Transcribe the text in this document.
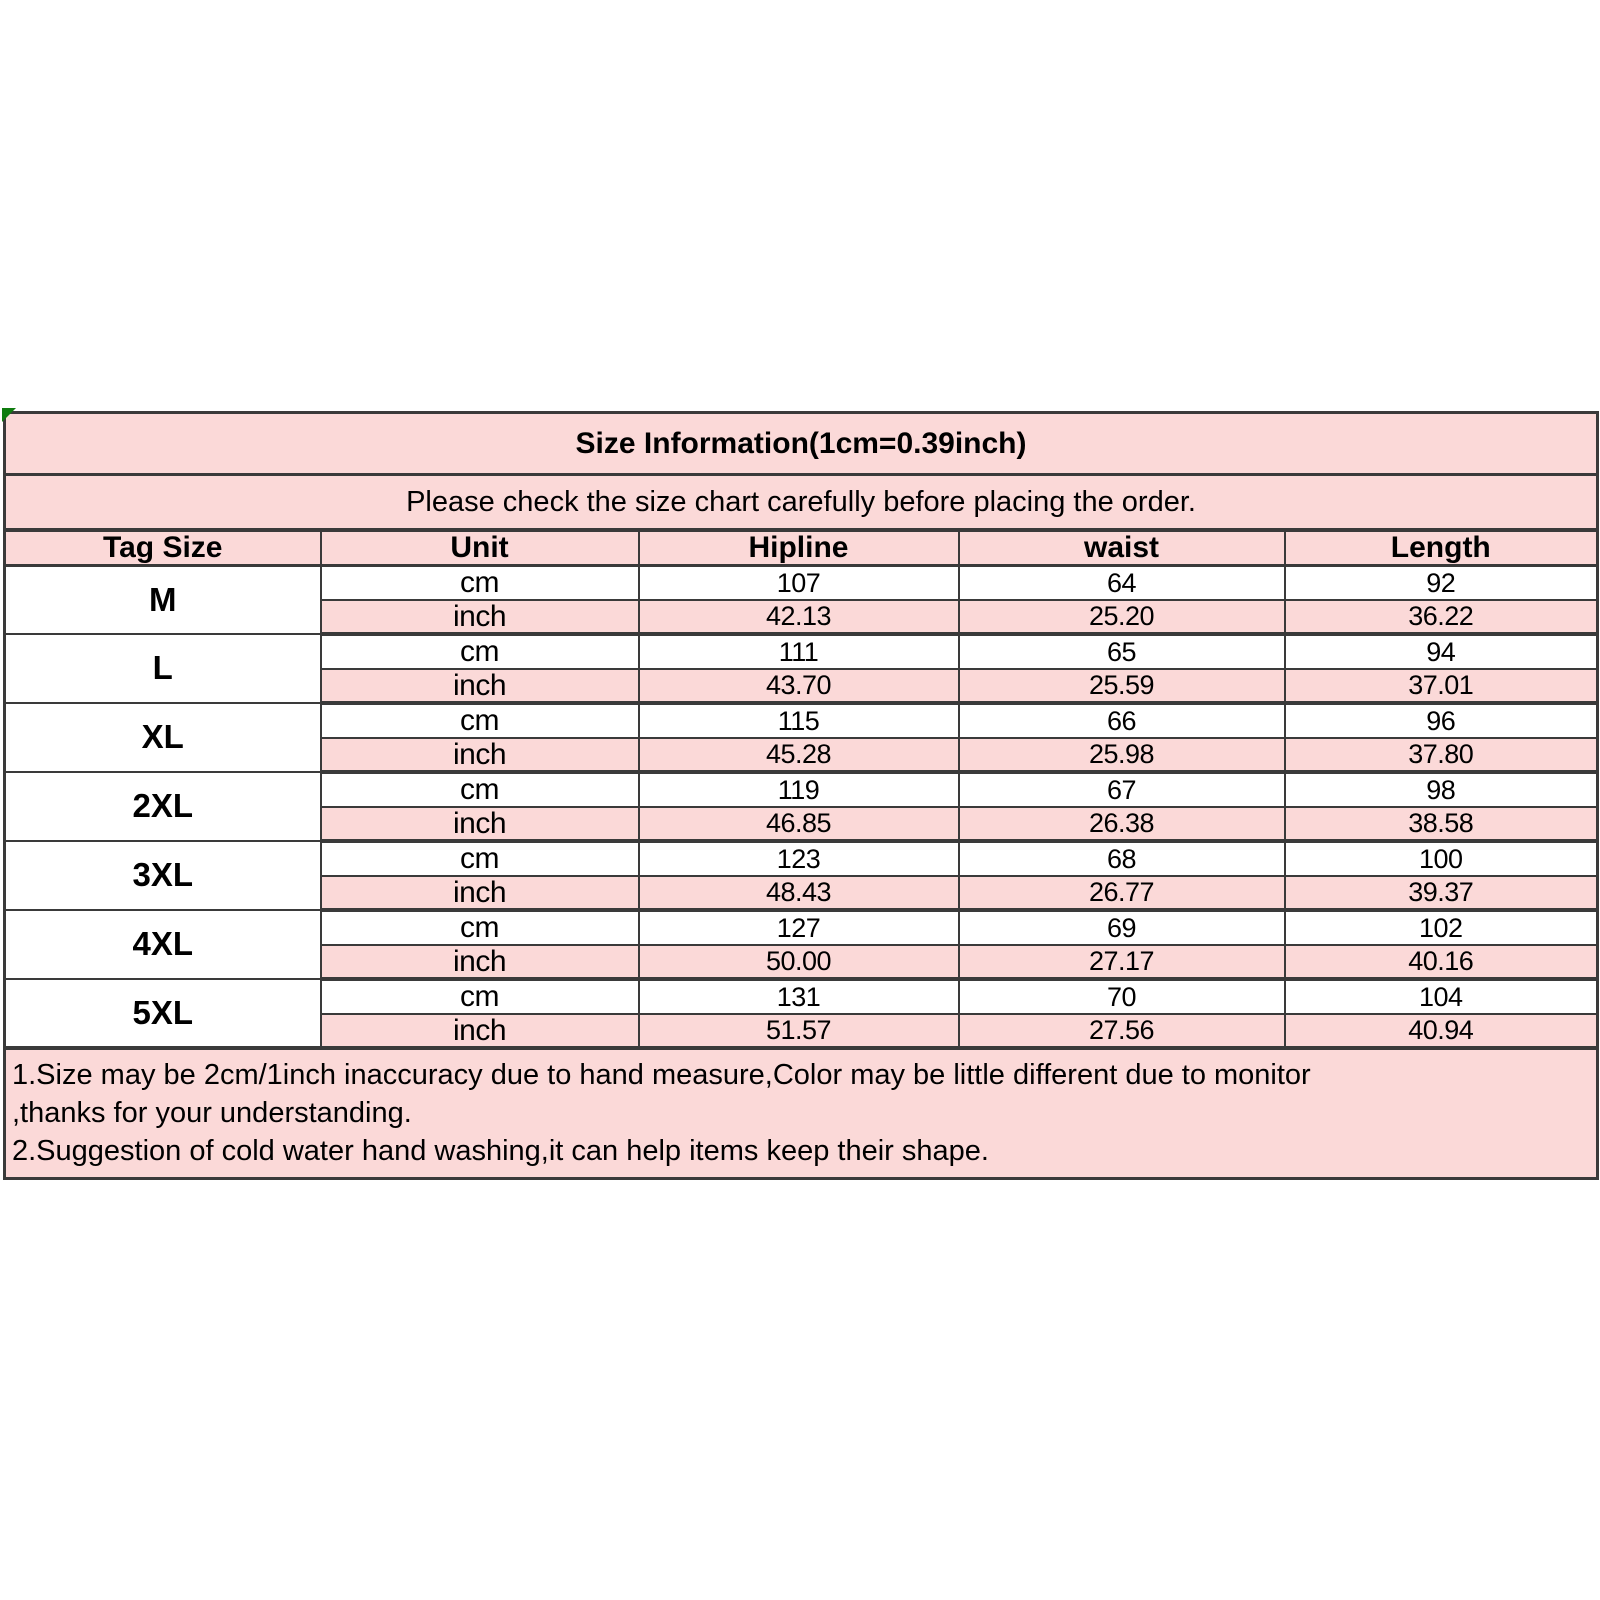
Size Information(1cm=0.39inch)				
Please check the size chart carefully before placing the order.				
Tag Size	Unit	Hipline	waist	Length
M	cm	107	64	92
	inch	42.13	25.20	36.22
L	cm	111	65	94
	inch	43.70	25.59	37.01
XL	cm	115	66	96
	inch	45.28	25.98	37.80
2XL	cm	119	67	98
	inch	46.85	26.38	38.58
3XL	cm	123	68	100
	inch	48.43	26.77	39.37
4XL	cm	127	69	102
	inch	50.00	27.17	40.16
5XL	cm	131	70	104
	inch	51.57	27.56	40.94

1.Size may be 2cm/1inch inaccuracy due to hand measure,Color may be little different due to monitor
,thanks for your understanding.
2.Suggestion of cold water hand washing,it can help items keep their shape.				
